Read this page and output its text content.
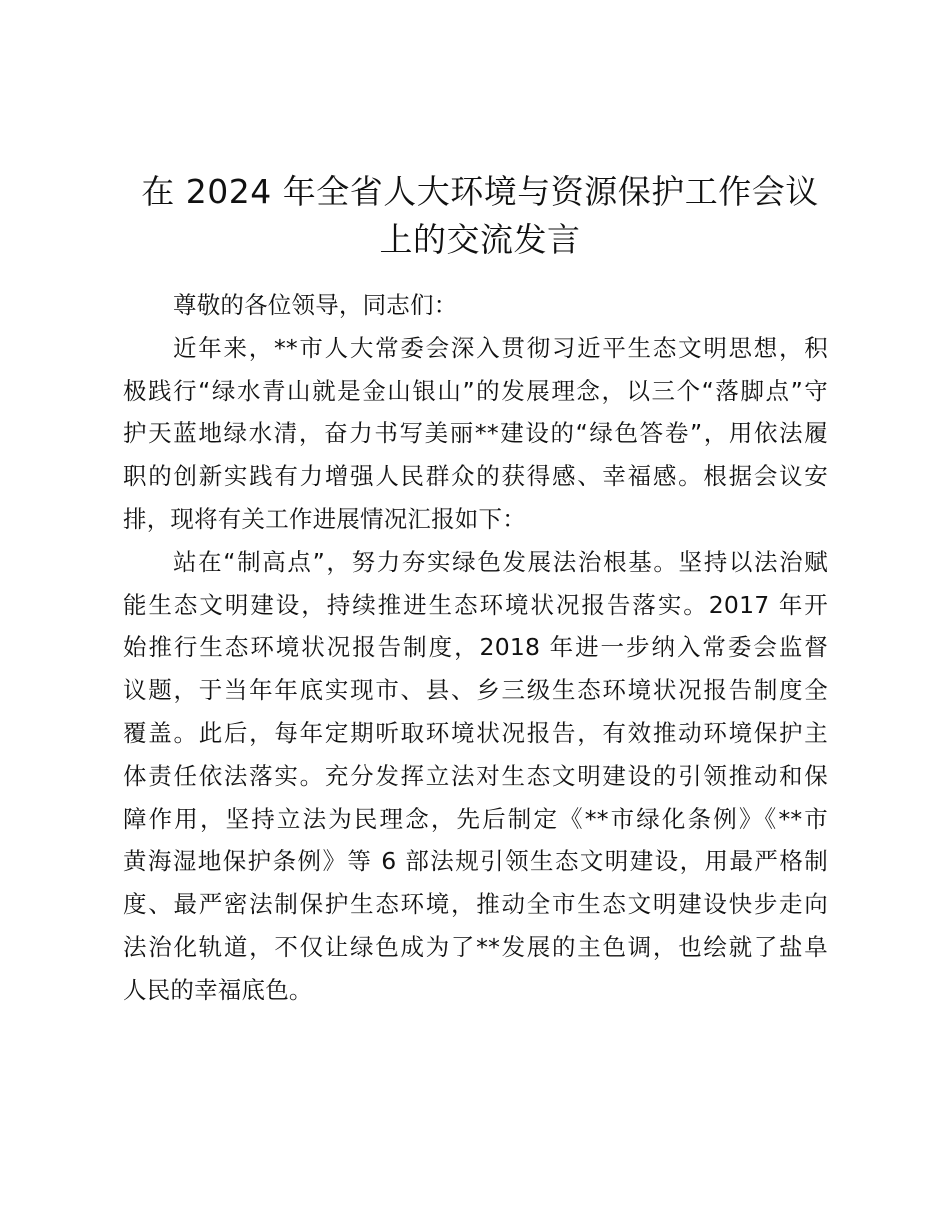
在 2024 年全省人大环境与资源保护工作会议
上的交流发言

尊敬的各位领导，同志们：

近年来，**市人大常委会深入贯彻习近平生态文明思想，积
极践行“绿水青山就是金山银山”的发展理念，以三个“落脚点”守
护天蓝地绿水清，奋力书写美丽**建设的“绿色答卷”，用依法履
职的创新实践有力增强人民群众的获得感、幸福感。根据会议安
排，现将有关工作进展情况汇报如下：

站在“制高点”，努力夯实绿色发展法治根基。坚持以法治赋
能生态文明建设，持续推进生态环境状况报告落实。2017 年开
始推行生态环境状况报告制度，2018 年进一步纳入常委会监督
议题，于当年年底实现市、县、乡三级生态环境状况报告制度全
覆盖。此后，每年定期听取环境状况报告，有效推动环境保护主
体责任依法落实。充分发挥立法对生态文明建设的引领推动和保
障作用，坚持立法为民理念，先后制定《**市绿化条例》《**市
黄海湿地保护条例》等 6 部法规引领生态文明建设，用最严格制
度、最严密法制保护生态环境，推动全市生态文明建设快步走向
法治化轨道，不仅让绿色成为了**发展的主色调，也绘就了盐阜
人民的幸福底色。
